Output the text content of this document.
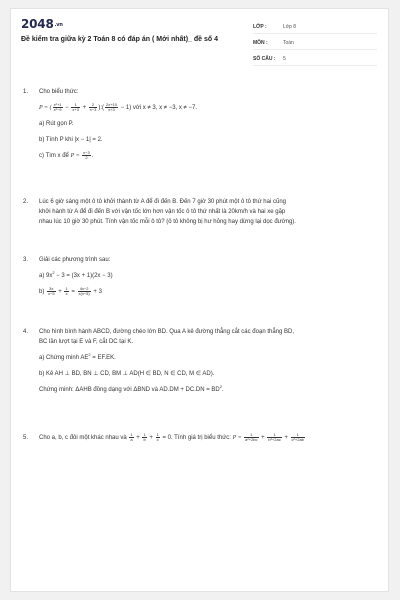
2048.vn
Đề kiểm tra giữa kỳ 2 Toán 8 có đáp án ( Mới nhất)_ đề số 4
LỚP :	Lớp 8
MÔN :	Toán
SỐ CÂU :	5
1.	Cho biểu thức:
P = ( $\frac{\text{x²+1}}{\text{x²−9}} - \frac{1}{x+3} + \frac{2}{x-3}$ ):( $\frac{2x+10}{x+3} - 1$) với x ≠ 3, x ≠ −3, x ≠ −7.
a) Rút gọn P.
b) Tính P khi |x − 1| = 2.
c) Tìm x để $P = \frac{x-3}{2}$ .
2.	Lúc 6 giờ sáng một ô tô khởi thành từ A để đi đến B. Đến 7 giờ 30 phút một ô tô thứ hai cũng
khởi hành từ A để đi đến B với vận tốc lớn hơn vận tốc ô tô thứ nhất là 20km/h và hai xe gặp
nhau lúc 10 giờ 30 phút. Tính vận tốc mỗi ô tô? (ô tô không bị hư hỏng hay dừng lại dọc đường).
3.	Giải các phương trình sau:
a) $9x^2 - 3 = (3x + 1)(2x - 3)$
$b) \frac{3x}{x-5} + \frac{1}{x} = \frac{4x-2}{x(x-5)} + 3$
4.	Cho hình bình hành ABCD, đường chéo lớn BD. Qua A kẻ đường thẳng cắt các đoạn thẳng BD,
BC lần lượt tại E và F, cắt DC tại K.
a) Chứng minh $AE^2 = EF.EK$.
b) Kẻ AH ⊥ BD, BN ⊥ CD, BM ⊥ AD(H ∈ BD, N ∈ CD, M ∈ AD).
Chứng minh: ΔAHB đồng dạng với ΔBND và $AD.DM + DC.DN = BD^2$.
5.	Cho a, b, c đôi một khác nhau và $\frac{1}{a} + \frac{1}{b} + \frac{1}{c} = 0$. Tính giá trị biểu thức: $P = \frac{1}{\text{a²+2bc}} + \frac{1}{\text{b²+2ac}} + \frac{1}{\text{c²+2ab}}$
